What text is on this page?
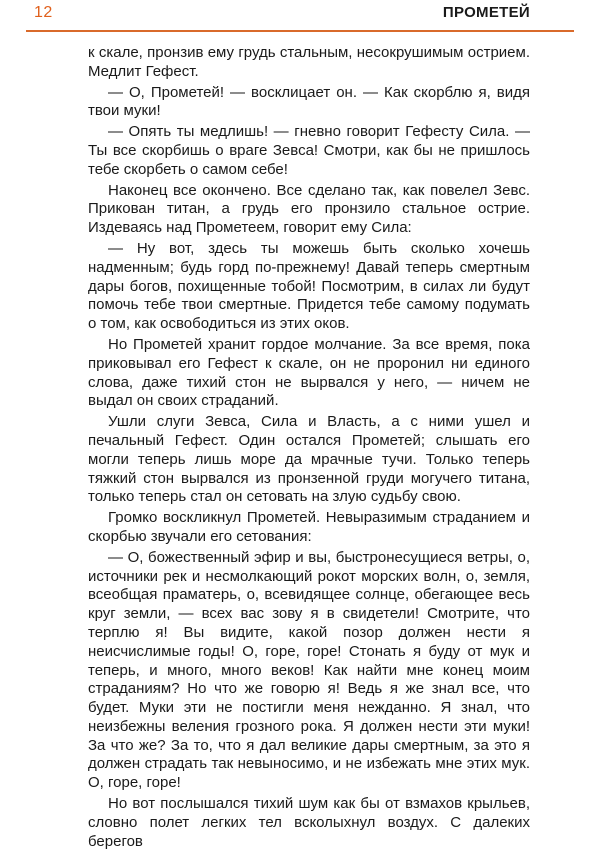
12	ПРОМЕТЕЙ

к скале, пронзив ему грудь стальным, несокрушимым острием. Медлит Гефест.

— О, Прометей! — восклицает он. — Как скорблю я, видя твои муки!

— Опять ты медлишь! — гневно говорит Гефесту Сила. — Ты все скорбишь о враге Зевса! Смотри, как бы не пришлось тебе скорбеть о самом себе!

Наконец все окончено. Все сделано так, как повелел Зевс. Прикован титан, а грудь его пронзило стальное острие. Издеваясь над Прометеем, говорит ему Сила:

— Ну вот, здесь ты можешь быть сколько хочешь надменным; будь горд по-прежнему! Давай теперь смертным дары богов, похищенные тобой! Посмотрим, в силах ли будут помочь тебе твои смертные. Придется тебе самому подумать о том, как освободиться из этих оков.

Но Прометей хранит гордое молчание. За все время, пока приковывал его Гефест к скале, он не проронил ни единого слова, даже тихий стон не вырвался у него, — ничем не выдал он своих страданий.

Ушли слуги Зевса, Сила и Власть, а с ними ушел и печальный Гефест. Один остался Прометей; слышать его могли теперь лишь море да мрачные тучи. Только теперь тяжкий стон вырвался из пронзенной груди могучего титана, только теперь стал он сетовать на злую судьбу свою.

Громко воскликнул Прометей. Невыразимым страданием и скорбью звучали его сетования:

— О, божественный эфир и вы, быстронесущиеся ветры, о, источники рек и несмолкающий рокот морских волн, о, земля, всеобщая праматерь, о, всевидящее солнце, обегающее весь круг земли, — всех вас зову я в свидетели! Смотрите, что терплю я! Вы видите, какой позор должен нести я неисчислимые годы! О, горе, горе! Стонать я буду от мук и теперь, и много, много веков! Как найти мне конец моим страданиям? Но что же говорю я! Ведь я же знал все, что будет. Муки эти не постигли меня нежданно. Я знал, что неизбежны веления грозного рока. Я должен нести эти муки! За что же? За то, что я дал великие дары смертным, за это я должен страдать так невыносимо, и не избежать мне этих мук. О, горе, горе!

Но вот послышался тихий шум как бы от взмахов крыльев, словно полет легких тел всколыхнул воздух. С далеких берегов
